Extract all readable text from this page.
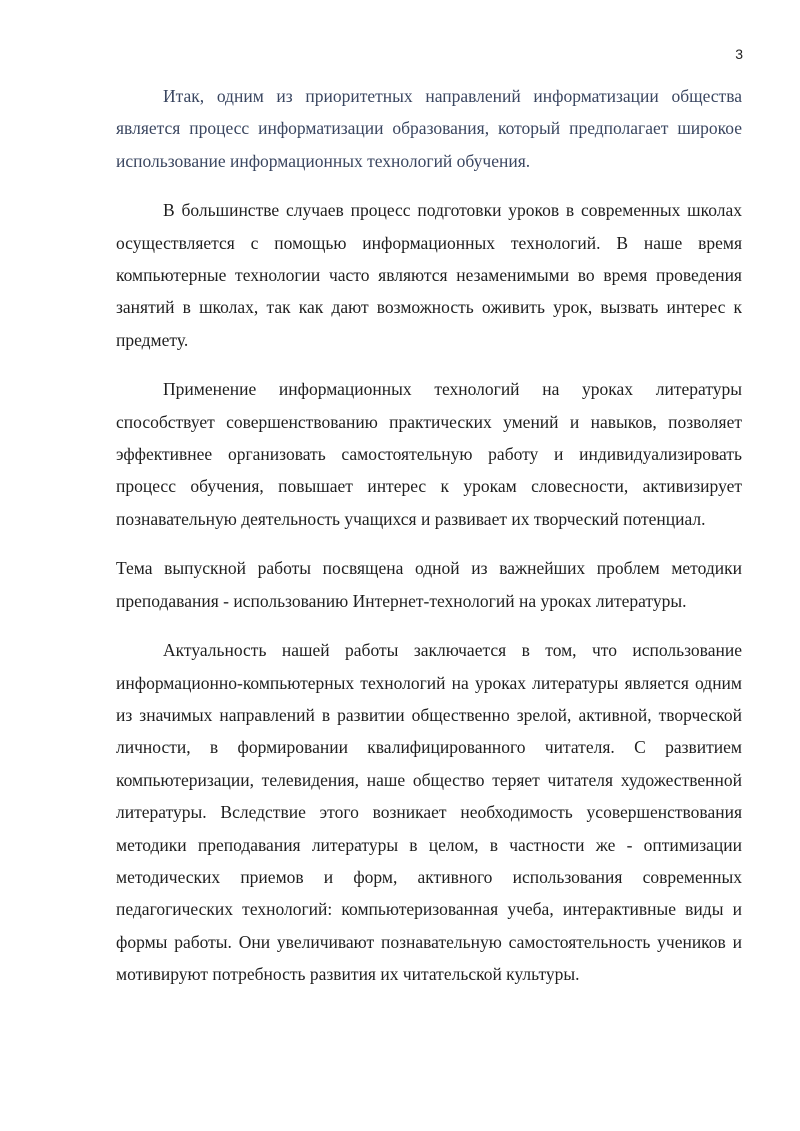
3

Итак, одним из приоритетных направлений информатизации общества является процесс информатизации образования, который предполагает широкое использование информационных технологий обучения.

В большинстве случаев процесс подготовки уроков в современных школах осуществляется с помощью информационных технологий. В наше время компьютерные технологии часто являются незаменимыми во время проведения занятий в школах, так как дают возможность оживить урок, вызвать интерес к предмету.

Применение информационных технологий на уроках литературы способствует совершенствованию практических умений и навыков, позволяет эффективнее организовать самостоятельную работу и индивидуализировать процесс обучения, повышает интерес к урокам словесности, активизирует познавательную деятельность учащихся и развивает их творческий потенциал.

Тема выпускной работы посвящена одной из важнейших проблем методики преподавания - использованию Интернет-технологий на уроках литературы.

Актуальность нашей работы заключается в том, что использование информационно-компьютерных технологий на уроках литературы является одним из значимых направлений в развитии общественно зрелой, активной, творческой личности, в формировании квалифицированного читателя. С развитием компьютеризации, телевидения, наше общество теряет читателя художественной литературы. Вследствие этого возникает необходимость усовершенствования методики преподавания литературы в целом, в частности же - оптимизации методических приемов и форм, активного использования современных педагогических технологий: компьютеризованная учеба, интерактивные виды и формы работы. Они увеличивают познавательную самостоятельность учеников и мотивируют потребность развития их читательской культуры.
